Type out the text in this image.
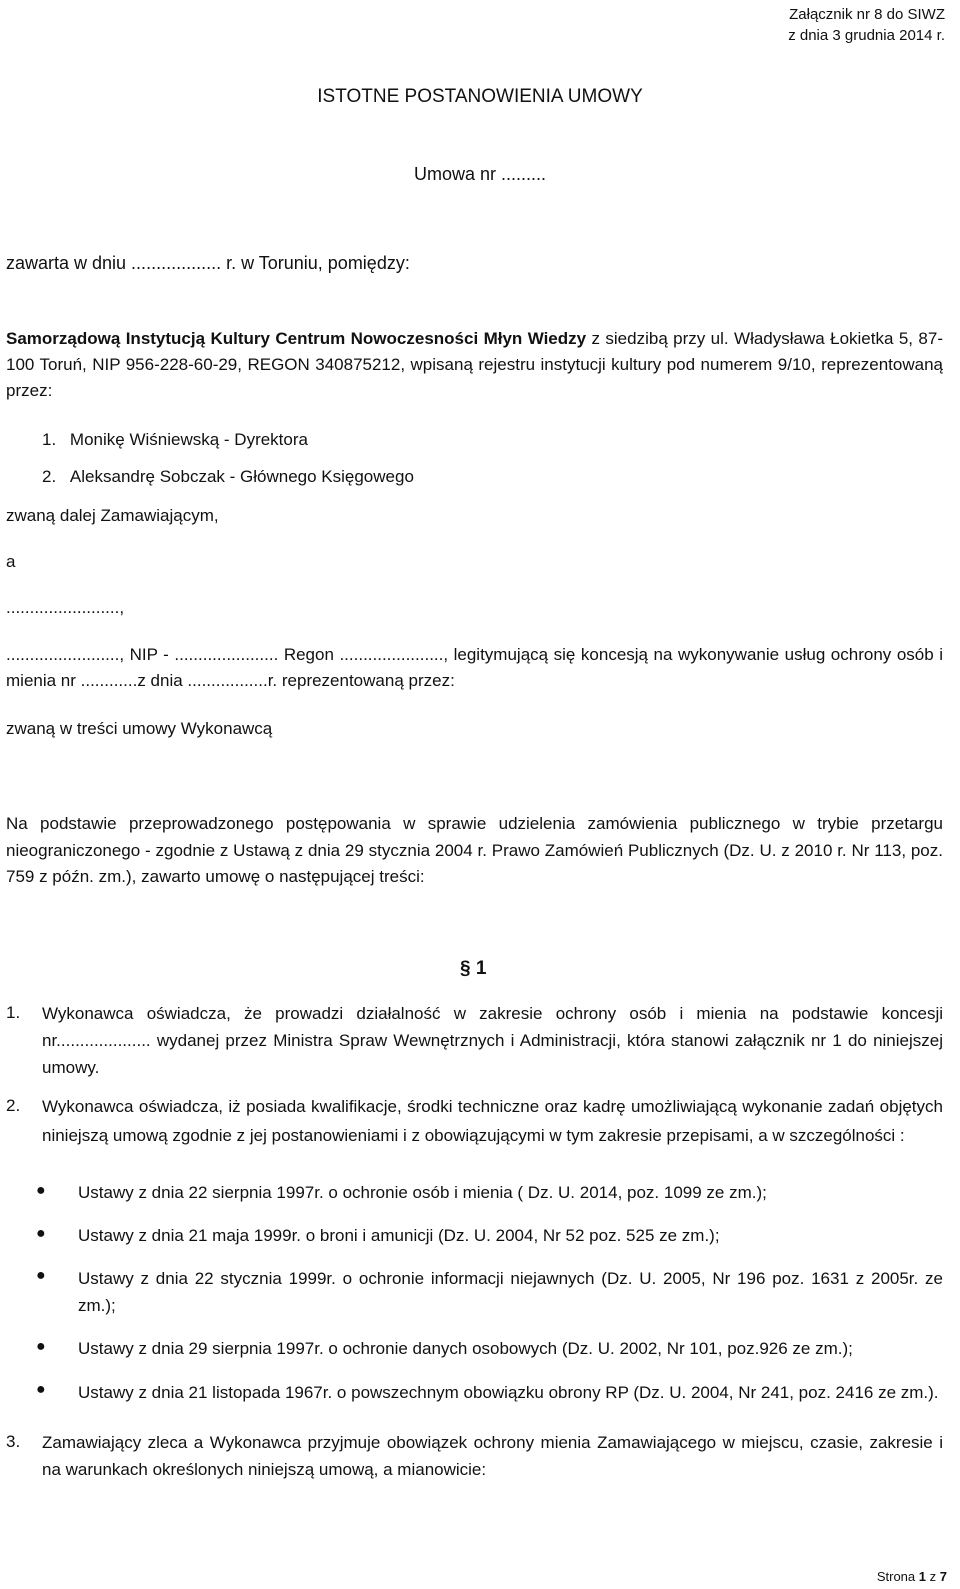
Załącznik nr 8 do SIWZ
z dnia 3 grudnia 2014 r.
ISTOTNE POSTANOWIENIA UMOWY
Umowa nr .........

zawarta w dniu .................. r. w Toruniu, pomiędzy:

Samorządową Instytucją Kultury Centrum Nowoczesności Młyn Wiedzy z siedzibą przy ul. Władysława Łokietka 5, 87-100 Toruń, NIP 956-228-60-29, REGON 340875212, wpisaną rejestru instytucji kultury pod numerem 9/10, reprezentowaną przez:

1. Monikę Wiśniewską - Dyrektora
2. Aleksandrę Sobczak - Głównego Księgowego

zwaną dalej Zamawiającym,

a

........................,

........................, NIP - ...................... Regon ......................, legitymującą się koncesją na wykonywanie usług ochrony osób i mienia nr ............z dnia .................r. reprezentowaną przez:

zwaną w treści umowy Wykonawcą

Na podstawie przeprowadzonego postępowania w sprawie udzielenia zamówienia publicznego w trybie przetargu nieograniczonego - zgodnie z Ustawą z dnia 29 stycznia 2004 r. Prawo Zamówień Publicznych (Dz. U. z 2010 r. Nr 113, poz. 759 z późn. zm.), zawarto umowę o następującej treści:

§ 1
1. Wykonawca oświadcza, że prowadzi działalność w zakresie ochrony osób i mienia na podstawie koncesji nr.................... wydanej przez Ministra Spraw Wewnętrznych i Administracji, która stanowi załącznik nr 1 do niniejszej umowy.

2. Wykonawca oświadcza, iż posiada kwalifikacje, środki techniczne oraz kadrę umożliwiającą wykonanie zadań objętych niniejszą umową zgodnie z jej postanowieniami i z obowiązującymi w tym zakresie przepisami, a w szczególności :

● Ustawy z dnia 22 sierpnia 1997r. o ochronie osób i mienia ( Dz. U. 2014, poz. 1099 ze zm.);

● Ustawy z dnia 21 maja 1999r. o broni i amunicji (Dz. U. 2004, Nr 52 poz. 525 ze zm.);

● Ustawy z dnia 22 stycznia 1999r. o ochronie informacji niejawnych (Dz. U. 2005, Nr 196 poz. 1631 z 2005r. ze zm.);

● Ustawy z dnia 29 sierpnia 1997r. o ochronie danych osobowych (Dz. U. 2002, Nr 101, poz.926 ze zm.);

● Ustawy z dnia 21 listopada 1967r. o powszechnym obowiązku obrony RP (Dz. U. 2004, Nr 241, poz. 2416 ze zm.).

3. Zamawiający zleca a Wykonawca przyjmuje obowiązek ochrony mienia Zamawiającego w miejscu, czasie, zakresie i na warunkach określonych niniejszą umową, a mianowicie:

Strona 1 z 7
